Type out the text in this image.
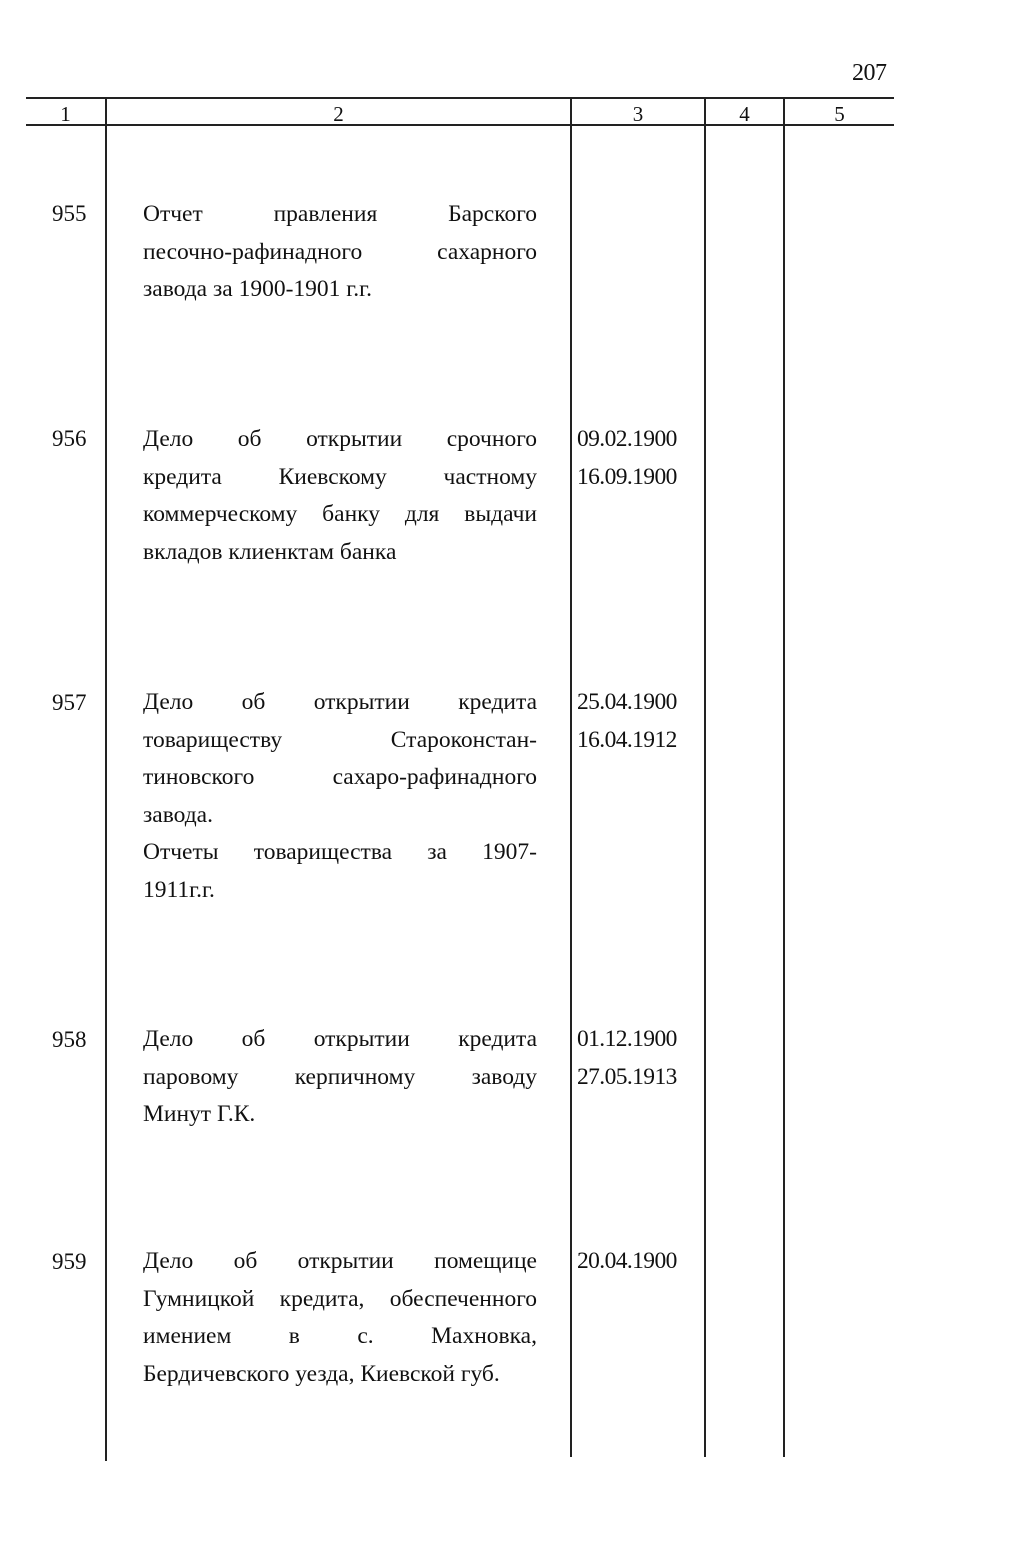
207
1	2	3	4	5
955 Отчет правления Барского
песочно-рафинадного сахарного
завода за 1900-1901 г.г.
956 Дело об открытии срочного
кредита Киевскому частному
коммерческому банку для выдачи
вкладов клиенктам банка
09.02.1900
16.09.1900
957 Дело об открытии кредита
товариществу Староконстан-
тиновского сахаро-рафинадного
завода.
Отчеты товарищества за 1907-
1911г.г.
25.04.1900
16.04.1912
958 Дело об открытии кредита
паровому керпичному заводу
Минут Г.К.
01.12.1900
27.05.1913
959 Дело об открытии помещице
Гумницкой кредита, обеспеченного
имением в с. Махновка,
Бердичевского уезда, Киевской губ.
20.04.1900
